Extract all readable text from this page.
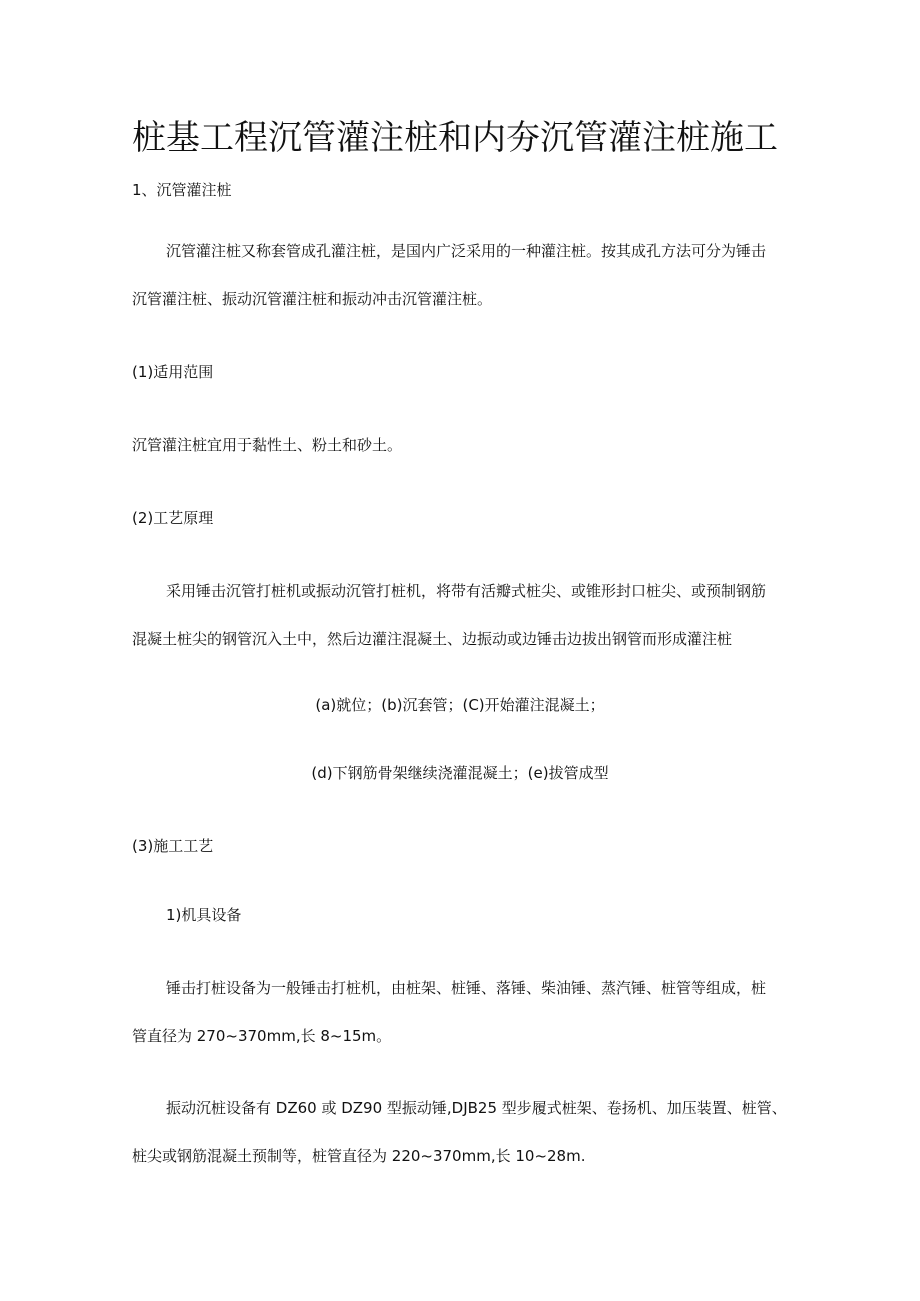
桩基工程沉管灌注桩和内夯沉管灌注桩施工

1、沉管灌注桩

沉管灌注桩又称套管成孔灌注桩，是国内广泛采用的一种灌注桩。按其成孔方法可分为锤击

沉管灌注桩、振动沉管灌注桩和振动冲击沉管灌注桩。

(1)适用范围

沉管灌注桩宜用于黏性土、粉土和砂土。

(2)工艺原理

采用锤击沉管打桩机或振动沉管打桩机，将带有活瓣式桩尖、或锥形封口桩尖、或预制钢筋

混凝土桩尖的钢管沉入土中，然后边灌注混凝土、边振动或边锤击边拔出钢管而形成灌注桩

(a)就位；(b)沉套管；(C)开始灌注混凝土；

(d)下钢筋骨架继续浇灌混凝土；(e)拔管成型

(3)施工工艺

1)机具设备

锤击打桩设备为一般锤击打桩机，由桩架、桩锤、落锤、柴油锤、蒸汽锤、桩管等组成，桩

管直径为 270~370mm,长 8~15m。

振动沉桩设备有 DZ60 或 DZ90 型振动锤,DJB25 型步履式桩架、卷扬机、加压装置、桩管、

桩尖或钢筋混凝土预制等，桩管直径为 220~370mm,长 10~28m.
